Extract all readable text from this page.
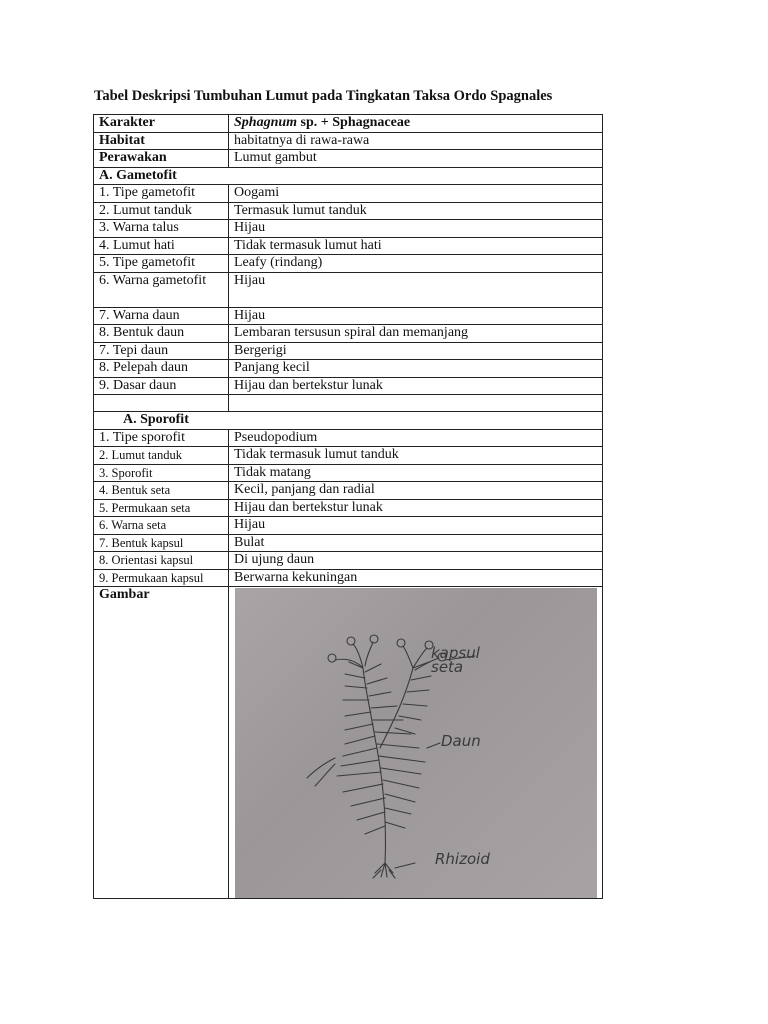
Tabel Deskripsi Tumbuhan Lumut pada Tingkatan Taksa Ordo Spagnales
Karakter	Sphagnum sp. + Sphagnaceae
Habitat	habitatnya di rawa-rawa
Perawakan	Lumut gambut
A. Gametofit	
1. Tipe gametofit	Oogami
2. Lumut tanduk	Termasuk lumut tanduk
3. Warna talus	Hijau
4. Lumut hati	Tidak termasuk lumut hati
5. Tipe gametofit	Leafy (rindang)
6. Warna gametofit	Hijau
7. Warna daun	Hijau
8. Bentuk daun	Lembaran tersusun spiral dan memanjang
7. Tepi daun	Bergerigi
8. Pelepah daun	Panjang kecil
9. Dasar daun	Hijau dan bertekstur lunak

A. Sporofit	
1. Tipe sporofit	Pseudopodium
2. Lumut tanduk	Tidak termasuk lumut tanduk
3. Sporofit	Tidak matang
4. Bentuk seta	Kecil, panjang dan radial
5. Permukaan seta	Hijau dan bertekstur lunak
6. Warna seta	Hijau
7. Bentuk kapsul	Bulat
8. Orientasi kapsul	Di ujung daun
9. Permukaan kapsul	Berwarna kekuningan
Gambar	kapsul
seta
Daun
Rhizoid
